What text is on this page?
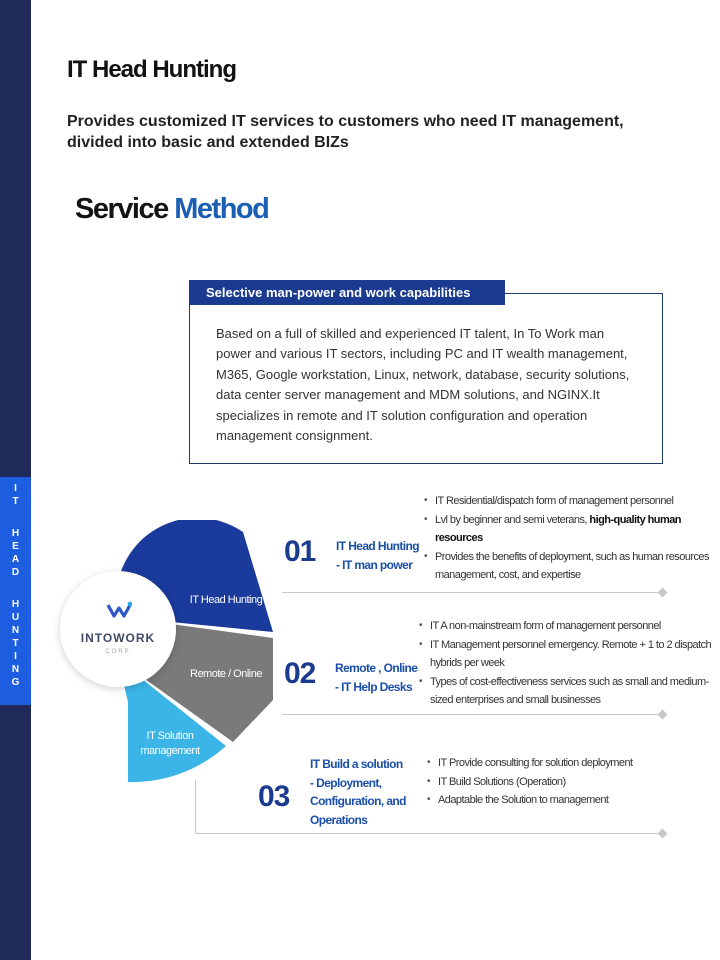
I
T
H
E
A
D
H
U
N
T
I
N
G
IT Head Hunting
Provides customized IT services to customers who need IT management, divided into basic and extended BIZs
Service Method
Selective man-power and work capabilities
Based on a full of skilled and experienced IT talent, In To Work man power and various IT sectors, including PC and IT wealth management, M365, Google workstation, Linux, network, database, security solutions, data center server management and MDM solutions, and NGINX.It specializes in remote and IT solution configuration and operation management consignment.
IT Head Hunting
Remote / Online
IT Solution management
INTOWORK
CORP
01 IT Head Hunting
- IT man power
• IT Residential/dispatch form of management personnel
• Lvl by beginner and semi veterans, high-quality human resources
• Provides the benefits of deployment, such as human resources management, cost, and expertise
02 Remote , Online
- IT Help Desks
• IT A non-mainstream form of management personnel
• IT Management personnel emergency. Remote + 1 to 2 dispatch hybrids per week
• Types of cost-effectiveness services such as small and medium-sized enterprises and small businesses
03
IT Build a solution
- Deployment,
Configuration, and
Operations
• IT Provide consulting for solution deployment
• IT Build Solutions (Operation)
• Adaptable the Solution to management
